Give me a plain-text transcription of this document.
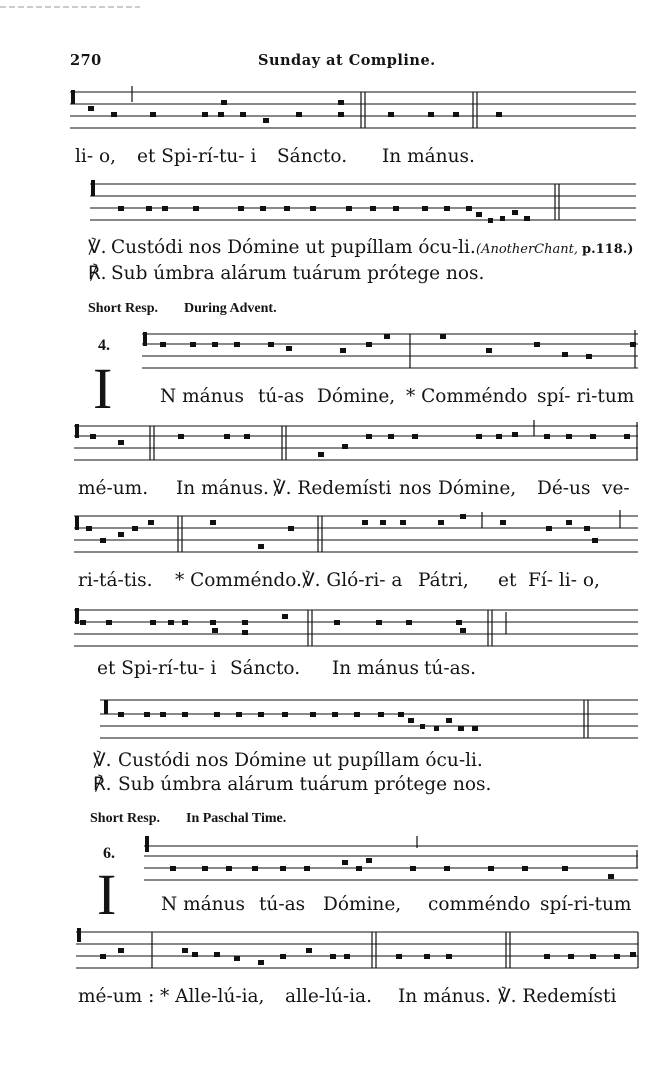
270	Sunday at Compline.
li- o, et Spi-rí-tu- i Sáncto. In mánus.
℣. Custódi nos Dómine ut pupíllam ócu-li. (AnotherChant, p.118.)
℟. Sub úmbra alárum tuárum prótege nos.
Short Resp. During Advent.
4.
I	N mánus tú-as Dómine, * Comméndo spí- ri-tum
mé-um. In mánus. ℣. Redemísti nos Dómine, Dé-us ve-
ri-tá-tis. * Comméndo. ℣. Gló-ri- a Pátri, et Fí- li- o,
et Spi-rí-tu- i Sáncto. In mánus tú-as.
℣. Custódi nos Dómine ut pupíllam ócu-li.
℟. Sub úmbra alárum tuárum prótege nos.
Short Resp. In Paschal Time.
6.
I N mánus tú-as Dómine, comméndo spí-ri-tum
mé-um : * Alle-lú-ia, alle-lú-ia. In mánus. ℣. Redemísti
